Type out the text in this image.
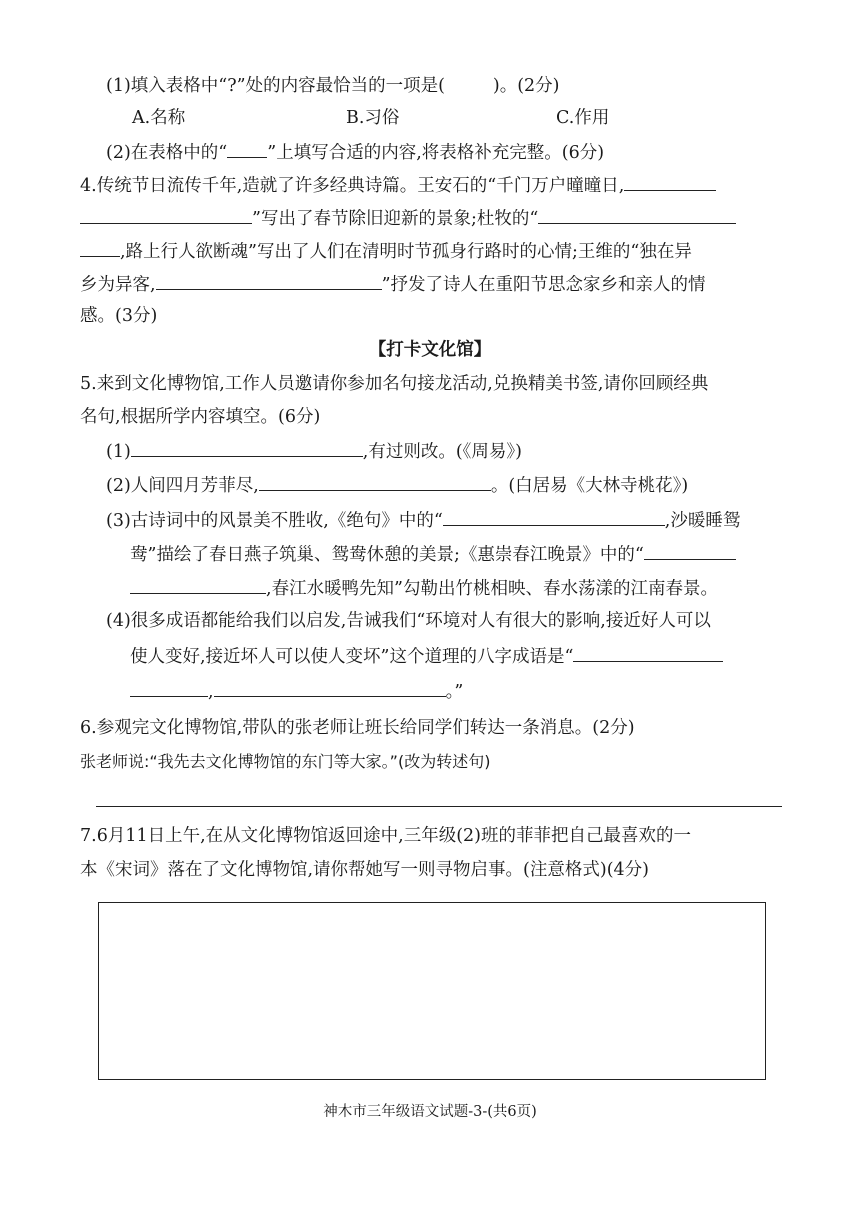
(1)填入表格中“?”处的内容最恰当的一项是(	)。(2分)
A.名称	B.习俗	C.作用
(2)在表格中的“ ”上填写合适的内容,将表格补充完整。(6分)
4.传统节日流传千年,造就了许多经典诗篇。王安石的“千门万户曈曈日,
”写出了春节除旧迎新的景象;杜牧的“
,路上行人欲断魂”写出了人们在清明时节孤身行路时的心情;王维的“独在异
乡为异客,	”抒发了诗人在重阳节思念家乡和亲人的情
感。(3分)
【打卡文化馆】
5.来到文化博物馆,工作人员邀请你参加名句接龙活动,兑换精美书签,请你回顾经典
名句,根据所学内容填空。(6分)
(1)	,有过则改。(《周易》)
(2)人间四月芳菲尽,	。(白居易《大林寺桃花》)
(3)古诗词中的风景美不胜收,《绝句》中的“	,沙暖睡鸳
鸯”描绘了春日燕子筑巢、鸳鸯休憩的美景;《惠崇春江晚景》中的“
,春江水暖鸭先知”勾勒出竹桃相映、春水荡漾的江南春景。
(4)很多成语都能给我们以启发,告诫我们“环境对人有很大的影响,接近好人可以
使人变好,接近坏人可以使人变坏”这个道理的八字成语是“
,	。”
6.参观完文化博物馆,带队的张老师让班长给同学们转达一条消息。(2分)
张老师说:“我先去文化博物馆的东门等大家。”(改为转述句)
7.6月11日上午,在从文化博物馆返回途中,三年级(2)班的菲菲把自己最喜欢的一
本《宋词》落在了文化博物馆,请你帮她写一则寻物启事。(注意格式)(4分)
神木市三年级语文试题-3-(共6页)
